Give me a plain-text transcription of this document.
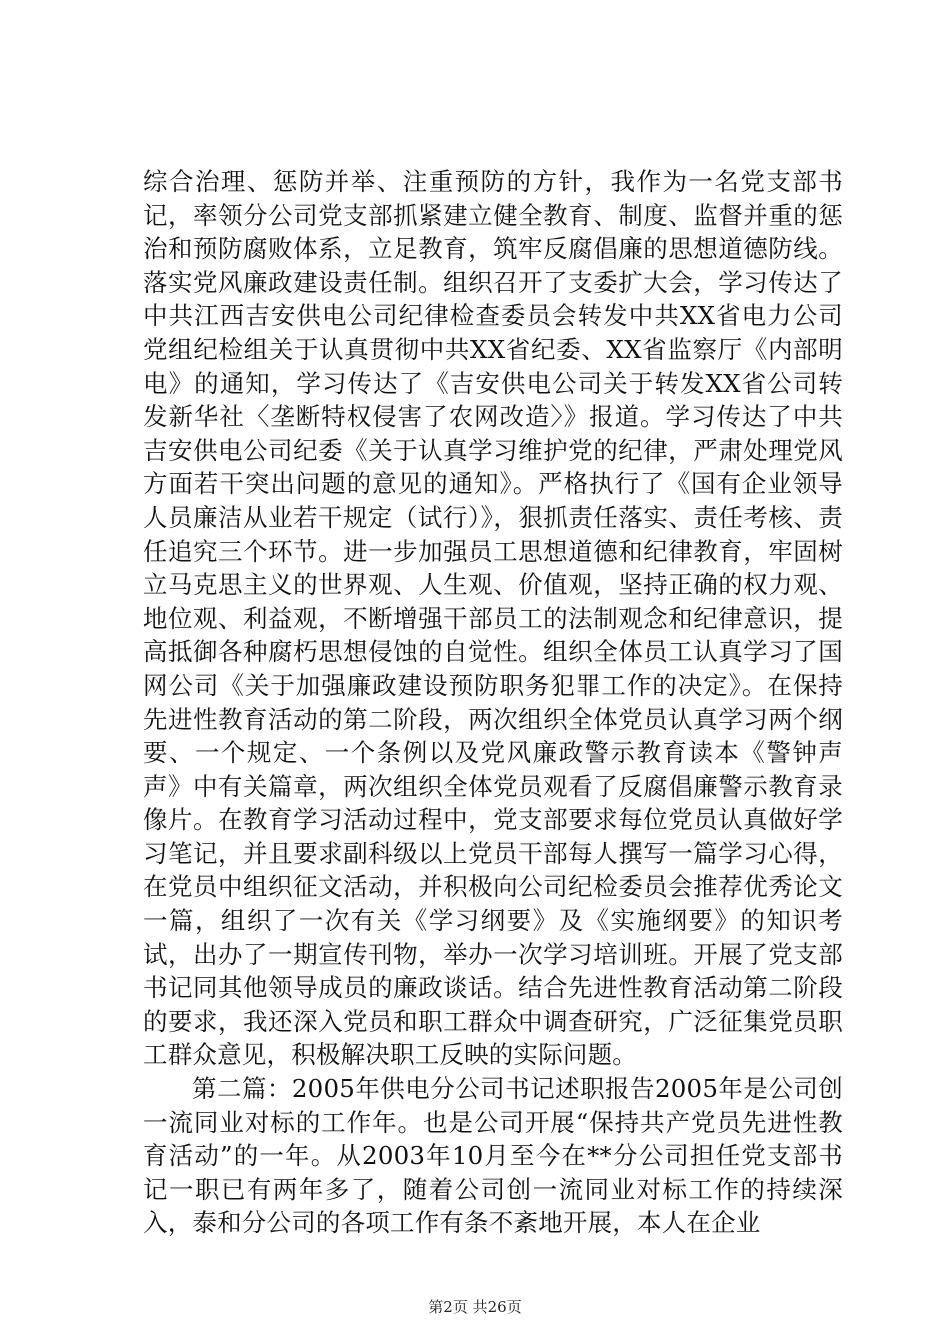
综合治理、惩防并举、注重预防的方针，我作为一名党支部书记，率领分公司党支部抓紧建立健全教育、制度、监督并重的惩治和预防腐败体系，立足教育，筑牢反腐倡廉的思想道德防线。落实党风廉政建设责任制。组织召开了支委扩大会，学习传达了中共江西吉安供电公司纪律检查委员会转发中共XX省电力公司党组纪检组关于认真贯彻中共XX省纪委、XX省监察厅《内部明电》的通知，学习传达了《吉安供电公司关于转发XX省公司转发新华社〈垄断特权侵害了农网改造〉》报道。学习传达了中共吉安供电公司纪委《关于认真学习维护党的纪律，严肃处理党风方面若干突出问题的意见的通知》。严格执行了《国有企业领导人员廉洁从业若干规定（试行）》，狠抓责任落实、责任考核、责任追究三个环节。进一步加强员工思想道德和纪律教育，牢固树立马克思主义的世界观、人生观、价值观，坚持正确的权力观、地位观、利益观，不断增强干部员工的法制观念和纪律意识，提高抵御各种腐朽思想侵蚀的自觉性。组织全体员工认真学习了国网公司《关于加强廉政建设预防职务犯罪工作的决定》。在保持先进性教育活动的第二阶段，两次组织全体党员认真学习两个纲要、一个规定、一个条例以及党风廉政警示教育读本《警钟声声》中有关篇章，两次组织全体党员观看了反腐倡廉警示教育录像片。在教育学习活动过程中，党支部要求每位党员认真做好学习笔记，并且要求副科级以上党员干部每人撰写一篇学习心得，在党员中组织征文活动，并积极向公司纪检委员会推荐优秀论文一篇，组织了一次有关《学习纲要》及《实施纲要》的知识考试，出办了一期宣传刊物，举办一次学习培训班。开展了党支部书记同其他领导成员的廉政谈话。结合先进性教育活动第二阶段的要求，我还深入党员和职工群众中调查研究，广泛征集党员职工群众意见，积极解决职工反映的实际问题。

第二篇：2005年供电分公司书记述职报告2005年是公司创一流同业对标的工作年。也是公司开展“保持共产党员先进性教育活动”的一年。从2003年10月至今在**分公司担任党支部书记一职已有两年多了，随着公司创一流同业对标工作的持续深入，泰和分公司的各项工作有条不紊地开展，本人在企业

第2页 共26页
